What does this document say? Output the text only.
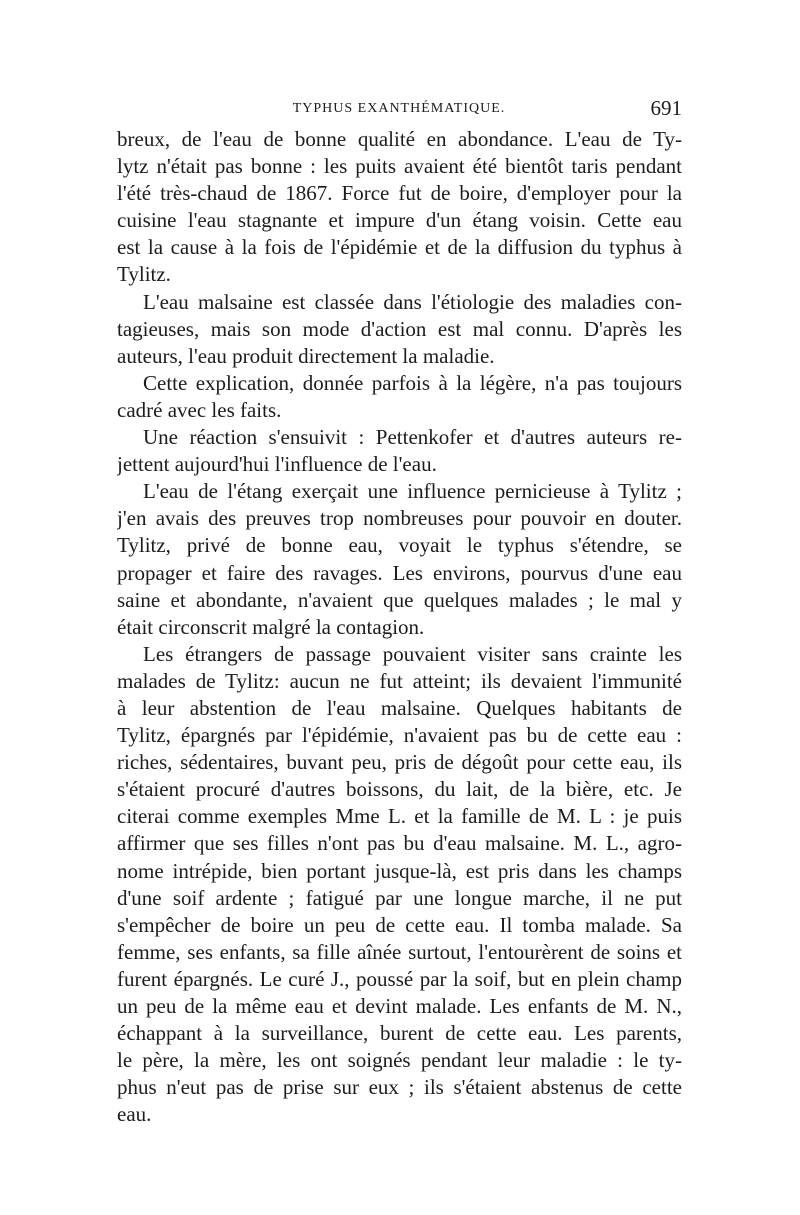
TYPHUS EXANTHÉMATIQUE.	691
breux, de l'eau de bonne qualité en abondance. L'eau de Ty-
lytz n'était pas bonne : les puits avaient été bientôt taris pendant
l'été très-chaud de 1867. Force fut de boire, d'employer pour la
cuisine l'eau stagnante et impure d'un étang voisin. Cette eau
est la cause à la fois de l'épidémie et de la diffusion du typhus à
Tylitz.
L'eau malsaine est classée dans l'étiologie des maladies con-
tagieuses, mais son mode d'action est mal connu. D'après les
auteurs, l'eau produit directement la maladie.
Cette explication, donnée parfois à la légère, n'a pas toujours
cadré avec les faits.
Une réaction s'ensuivit : Pettenkofer et d'autres auteurs re-
jettent aujourd'hui l'influence de l'eau.
L'eau de l'étang exerçait une influence pernicieuse à Tylitz ;
j'en avais des preuves trop nombreuses pour pouvoir en douter.
Tylitz, privé de bonne eau, voyait le typhus s'étendre, se
propager et faire des ravages. Les environs, pourvus d'une eau
saine et abondante, n'avaient que quelques malades ; le mal y
était circonscrit malgré la contagion.
Les étrangers de passage pouvaient visiter sans crainte les
malades de Tylitz: aucun ne fut atteint; ils devaient l'immunité
à leur abstention de l'eau malsaine. Quelques habitants de
Tylitz, épargnés par l'épidémie, n'avaient pas bu de cette eau :
riches, sédentaires, buvant peu, pris de dégoût pour cette eau, ils
s'étaient procuré d'autres boissons, du lait, de la bière, etc. Je
citerai comme exemples Mme L. et la famille de M. L : je puis
affirmer que ses filles n'ont pas bu d'eau malsaine. M. L., agro-
nome intrépide, bien portant jusque-là, est pris dans les champs
d'une soif ardente ; fatigué par une longue marche, il ne put
s'empêcher de boire un peu de cette eau. Il tomba malade. Sa
femme, ses enfants, sa fille aînée surtout, l'entourèrent de soins et
furent épargnés. Le curé J., poussé par la soif, but en plein champ
un peu de la même eau et devint malade. Les enfants de M. N.,
échappant à la surveillance, burent de cette eau. Les parents,
le père, la mère, les ont soignés pendant leur maladie : le ty-
phus n'eut pas de prise sur eux ; ils s'étaient abstenus de cette
eau.
